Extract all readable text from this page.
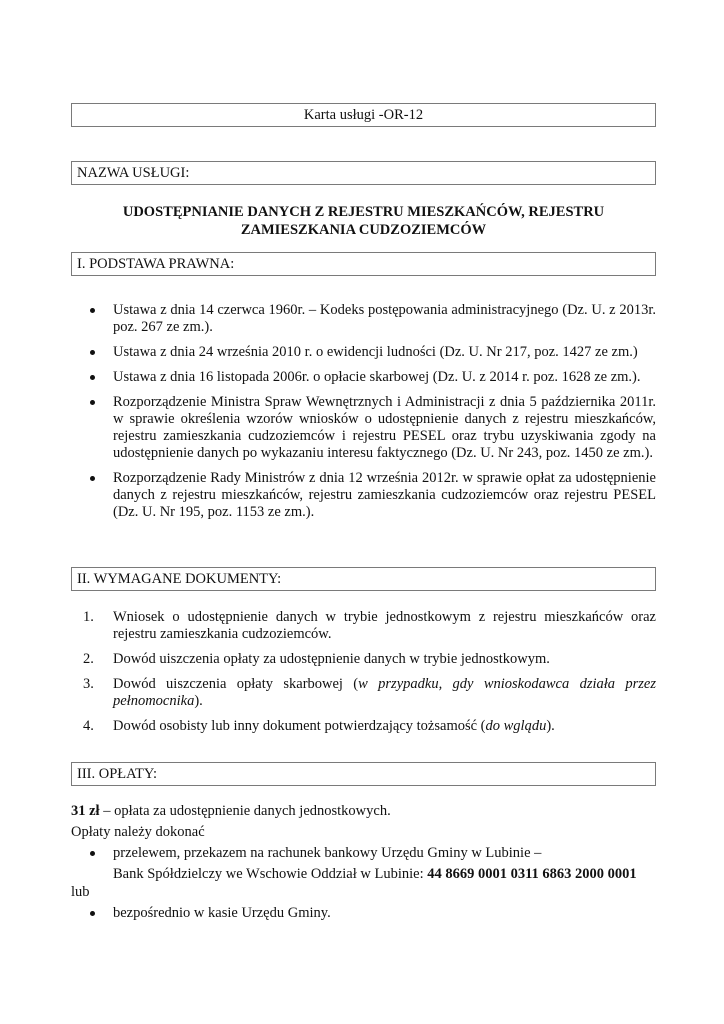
Karta usługi -OR-12
NAZWA USŁUGI:
UDOSTĘPNIANIE DANYCH Z REJESTRU MIESZKAŃCÓW, REJESTRU
ZAMIESZKANIA CUDZOZIEMCÓW
I. PODSTAWA PRAWNA:
Ustawa z dnia 14 czerwca 1960r. – Kodeks postępowania administracyjnego (Dz. U. z 2013r. poz. 267 ze zm.).
Ustawa z dnia 24 września 2010 r. o ewidencji ludności (Dz. U. Nr 217, poz. 1427 ze zm.)
Ustawa z dnia 16 listopada 2006r. o opłacie skarbowej (Dz. U. z 2014 r. poz. 1628 ze zm.).
Rozporządzenie Ministra Spraw Wewnętrznych i Administracji z dnia 5 października 2011r. w sprawie określenia wzorów wniosków o udostępnienie danych z rejestru mieszkańców, rejestru zamieszkania cudzoziemców i rejestru PESEL oraz trybu uzyskiwania zgody na udostępnienie danych po wykazaniu interesu faktycznego (Dz. U. Nr 243, poz. 1450 ze zm.).
Rozporządzenie Rady Ministrów z dnia 12 września 2012r. w sprawie opłat za udostępnienie danych z rejestru mieszkańców, rejestru zamieszkania cudzoziemców oraz rejestru PESEL (Dz. U. Nr 195, poz. 1153 ze zm.).
II. WYMAGANE DOKUMENTY:
1. Wniosek o udostępnienie danych w trybie jednostkowym z rejestru mieszkańców oraz rejestru zamieszkania cudzoziemców.
2. Dowód uiszczenia opłaty za udostępnienie danych w trybie jednostkowym.
3. Dowód uiszczenia opłaty skarbowej (w przypadku, gdy wnioskodawca działa przez pełnomocnika).
4. Dowód osobisty lub inny dokument potwierdzający tożsamość (do wglądu).
III. OPŁATY:

31 zł – opłata za udostępnienie danych jednostkowych.

Opłaty należy dokonać

przelewem, przekazem na rachunek bankowy Urzędu Gminy w Lubinie –
Bank Spółdzielczy we Wschowie Oddział w Lubinie: 44 8669 0001 0311 6863 2000 0001

lub

bezpośrednio w kasie Urzędu Gminy.
